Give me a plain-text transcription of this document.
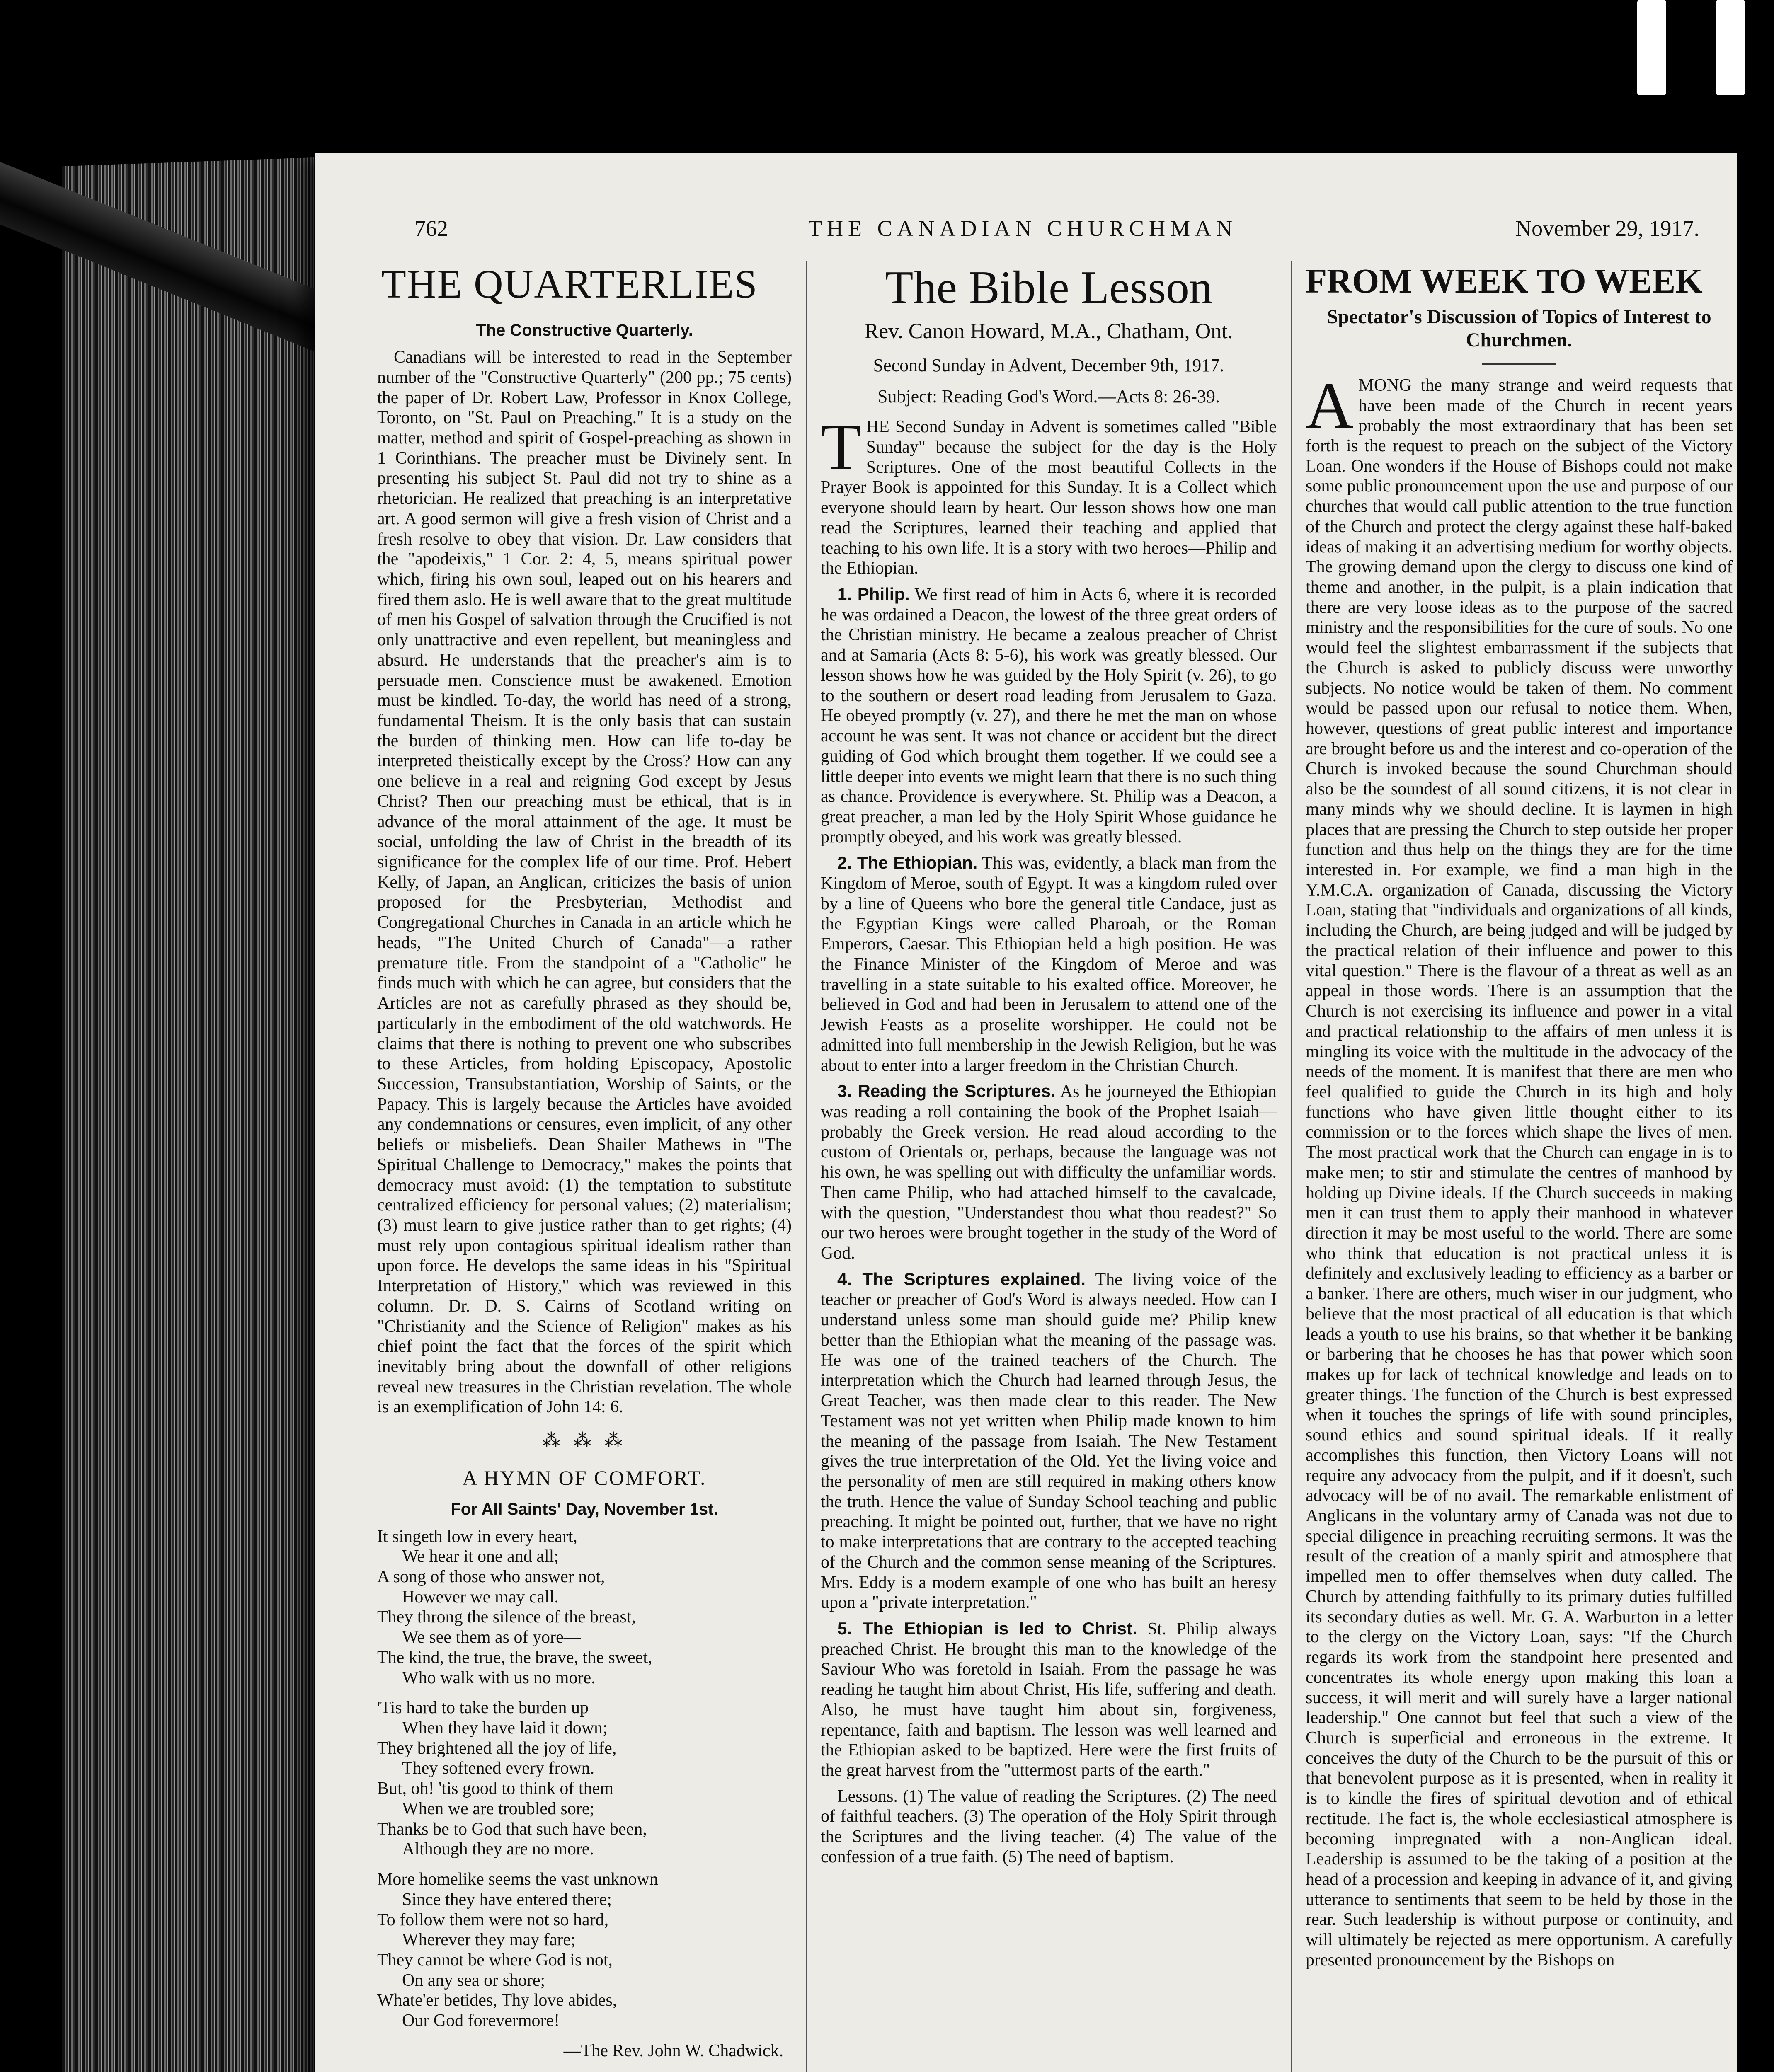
762	THE CANADIAN CHURCHMAN	November 29, 1917.
THE QUARTERLIES
The Constructive Quarterly.

Canadians will be interested to read in the September number of the "Constructive Quarterly" (200 pp.; 75 cents) the paper of Dr. Robert Law, Professor in Knox College, Toronto, on "St. Paul on Preaching." It is a study on the matter, method and spirit of Gospel-preaching as shown in 1 Corinthians. The preacher must be Divinely sent. In presenting his subject St. Paul did not try to shine as a rhetorician. He realized that preaching is an interpretative art. A good sermon will give a fresh vision of Christ and a fresh resolve to obey that vision. Dr. Law considers that the "apodeixis," 1 Cor. 2: 4, 5, means spiritual power which, firing his own soul, leaped out on his hearers and fired them aslo. He is well aware that to the great multitude of men his Gospel of salvation through the Crucified is not only unattractive and even repellent, but meaningless and absurd. He understands that the preacher's aim is to persuade men. Conscience must be awakened. Emotion must be kindled. To-day, the world has need of a strong, fundamental Theism. It is the only basis that can sustain the burden of thinking men. How can life to-day be interpreted theistically except by the Cross? How can any one believe in a real and reigning God except by Jesus Christ? Then our preaching must be ethical, that is in advance of the moral attainment of the age. It must be social, unfolding the law of Christ in the breadth of its significance for the complex life of our time. Prof. Hebert Kelly, of Japan, an Anglican, criticizes the basis of union proposed for the Presbyterian, Methodist and Congregational Churches in Canada in an article which he heads, "The United Church of Canada"—a rather premature title. From the standpoint of a "Catholic" he finds much with which he can agree, but considers that the Articles are not as carefully phrased as they should be, particularly in the embodiment of the old watchwords. He claims that there is nothing to prevent one who subscribes to these Articles, from holding Episcopacy, Apostolic Succession, Transubstantiation, Worship of Saints, or the Papacy. This is largely because the Articles have avoided any condemnations or censures, even implicit, of any other beliefs or misbeliefs. Dean Shailer Mathews in "The Spiritual Challenge to Democracy," makes the points that democracy must avoid: (1) the temptation to substitute centralized efficiency for personal values; (2) materialism; (3) must learn to give justice rather than to get rights; (4) must rely upon contagious spiritual idealism rather than upon force. He develops the same ideas in his "Spiritual Interpretation of History," which was reviewed in this column. Dr. D. S. Cairns of Scotland writing on "Christianity and the Science of Religion" makes as his chief point the fact that the forces of the spirit which inevitably bring about the downfall of other religions reveal new treasures in the Christian revelation. The whole is an exemplification of John 14: 6.

⁂ ⁂ ⁂
A HYMN OF COMFORT.
For All Saints' Day, November 1st.
It singeth low in every heart,
We hear it one and all;
A song of those who answer not,
However we may call.
They throng the silence of the breast,
We see them as of yore—
The kind, the true, the brave, the sweet,
Who walk with us no more.
'Tis hard to take the burden up
When they have laid it down;
They brightened all the joy of life,
They softened every frown.
But, oh! 'tis good to think of them
When we are troubled sore;
Thanks be to God that such have been,
Although they are no more.
More homelike seems the vast unknown
Since they have entered there;
To follow them were not so hard,
Wherever they may fare;
They cannot be where God is not,
On any sea or shore;
Whate'er betides, Thy love abides,
Our God forevermore!
—The Rev. John W. Chadwick.

The Bible Lesson
Rev. Canon Howard, M.A., Chatham, Ont.
Second Sunday in Advent, December 9th, 1917.
Subject: Reading God's Word.—Acts 8: 26-39.

THE Second Sunday in Advent is sometimes called "Bible Sunday" because the subject for the day is the Holy Scriptures. One of the most beautiful Collects in the Prayer Book is appointed for this Sunday. It is a Collect which everyone should learn by heart. Our lesson shows how one man read the Scriptures, learned their teaching and applied that teaching to his own life. It is a story with two heroes—Philip and the Ethiopian.

1. Philip. We first read of him in Acts 6, where it is recorded he was ordained a Deacon, the lowest of the three great orders of the Christian ministry. He became a zealous preacher of Christ and at Samaria (Acts 8: 5-6), his work was greatly blessed. Our lesson shows how he was guided by the Holy Spirit (v. 26), to go to the southern or desert road leading from Jerusalem to Gaza. He obeyed promptly (v. 27), and there he met the man on whose account he was sent. It was not chance or accident but the direct guiding of God which brought them together. If we could see a little deeper into events we might learn that there is no such thing as chance. Providence is everywhere. St. Philip was a Deacon, a great preacher, a man led by the Holy Spirit Whose guidance he promptly obeyed, and his work was greatly blessed.

2. The Ethiopian. This was, evidently, a black man from the Kingdom of Meroe, south of Egypt. It was a kingdom ruled over by a line of Queens who bore the general title Candace, just as the Egyptian Kings were called Pharoah, or the Roman Emperors, Caesar. This Ethiopian held a high position. He was the Finance Minister of the Kingdom of Meroe and was travelling in a state suitable to his exalted office. Moreover, he believed in God and had been in Jerusalem to attend one of the Jewish Feasts as a proselite worshipper. He could not be admitted into full membership in the Jewish Religion, but he was about to enter into a larger freedom in the Christian Church.

3. Reading the Scriptures. As he journeyed the Ethiopian was reading a roll containing the book of the Prophet Isaiah—probably the Greek version. He read aloud according to the custom of Orientals or, perhaps, because the language was not his own, he was spelling out with difficulty the unfamiliar words. Then came Philip, who had attached himself to the cavalcade, with the question, "Understandest thou what thou readest?" So our two heroes were brought together in the study of the Word of God.

4. The Scriptures explained. The living voice of the teacher or preacher of God's Word is always needed. How can I understand unless some man should guide me? Philip knew better than the Ethiopian what the meaning of the passage was. He was one of the trained teachers of the Church. The interpretation which the Church had learned through Jesus, the Great Teacher, was then made clear to this reader. The New Testament was not yet written when Philip made known to him the meaning of the passage from Isaiah. The New Testament gives the true interpretation of the Old. Yet the living voice and the personality of men are still required in making others know the truth. Hence the value of Sunday School teaching and public preaching. It might be pointed out, further, that we have no right to make interpretations that are contrary to the accepted teaching of the Church and the common sense meaning of the Scriptures. Mrs. Eddy is a modern example of one who has built an heresy upon a "private interpretation."

5. The Ethiopian is led to Christ. St. Philip always preached Christ. He brought this man to the knowledge of the Saviour Who was foretold in Isaiah. From the passage he was reading he taught him about Christ, His life, suffering and death. Also, he must have taught him about sin, forgiveness, repentance, faith and baptism. The lesson was well learned and the Ethiopian asked to be baptized. Here were the first fruits of the great harvest from the "uttermost parts of the earth."

Lessons. (1) The value of reading the Scriptures. (2) The need of faithful teachers. (3) The operation of the Holy Spirit through the Scriptures and the living teacher. (4) The value of the confession of a true faith. (5) The need of baptism.

FROM WEEK TO WEEK
Spectator's Discussion of Topics of Interest to Churchmen.

AMONG the many strange and weird requests that have been made of the Church in recent years probably the most extraordinary that has been set forth is the request to preach on the subject of the Victory Loan. One wonders if the House of Bishops could not make some public pronouncement upon the use and purpose of our churches that would call public attention to the true function of the Church and protect the clergy against these half-baked ideas of making it an advertising medium for worthy objects. The growing demand upon the clergy to discuss one kind of theme and another, in the pulpit, is a plain indication that there are very loose ideas as to the purpose of the sacred ministry and the responsibilities for the cure of souls. No one would feel the slightest embarrassment if the subjects that the Church is asked to publicly discuss were unworthy subjects. No notice would be taken of them. No comment would be passed upon our refusal to notice them. When, however, questions of great public interest and importance are brought before us and the interest and co-operation of the Church is invoked because the sound Churchman should also be the soundest of all sound citizens, it is not clear in many minds why we should decline. It is laymen in high places that are pressing the Church to step outside her proper function and thus help on the things they are for the time interested in. For example, we find a man high in the Y.M.C.A. organization of Canada, discussing the Victory Loan, stating that "individuals and organizations of all kinds, including the Church, are being judged and will be judged by the practical relation of their influence and power to this vital question." There is the flavour of a threat as well as an appeal in those words. There is an assumption that the Church is not exercising its influence and power in a vital and practical relationship to the affairs of men unless it is mingling its voice with the multitude in the advocacy of the needs of the moment. It is manifest that there are men who feel qualified to guide the Church in its high and holy functions who have given little thought either to its commission or to the forces which shape the lives of men. The most practical work that the Church can engage in is to make men; to stir and stimulate the centres of manhood by holding up Divine ideals. If the Church succeeds in making men it can trust them to apply their manhood in whatever direction it may be most useful to the world. There are some who think that education is not practical unless it is definitely and exclusively leading to efficiency as a barber or a banker. There are others, much wiser in our judgment, who believe that the most practical of all education is that which leads a youth to use his brains, so that whether it be banking or barbering that he chooses he has that power which soon makes up for lack of technical knowledge and leads on to greater things. The function of the Church is best expressed when it touches the springs of life with sound principles, sound ethics and sound spiritual ideals. If it really accomplishes this function, then Victory Loans will not require any advocacy from the pulpit, and if it doesn't, such advocacy will be of no avail. The remarkable enlistment of Anglicans in the voluntary army of Canada was not due to special diligence in preaching recruiting sermons. It was the result of the creation of a manly spirit and atmosphere that impelled men to offer themselves when duty called. The Church by attending faithfully to its primary duties fulfilled its secondary duties as well. Mr. G. A. Warburton in a letter to the clergy on the Victory Loan, says: "If the Church regards its work from the standpoint here presented and concentrates its whole energy upon making this loan a success, it will merit and will surely have a larger national leadership." One cannot but feel that such a view of the Church is superficial and erroneous in the extreme. It conceives the duty of the Church to be the pursuit of this or that benevolent purpose as it is presented, when in reality it is to kindle the fires of spiritual devotion and of ethical rectitude. The fact is, the whole ecclesiastical atmosphere is becoming impregnated with a non-Anglican ideal. Leadership is assumed to be the taking of a position at the head of a procession and keeping in advance of it, and giving utterance to sentiments that seem to be held by those in the rear. Such leadership is without purpose or continuity, and will ultimately be rejected as mere opportunism. A carefully presented pronouncement by the Bishops on
